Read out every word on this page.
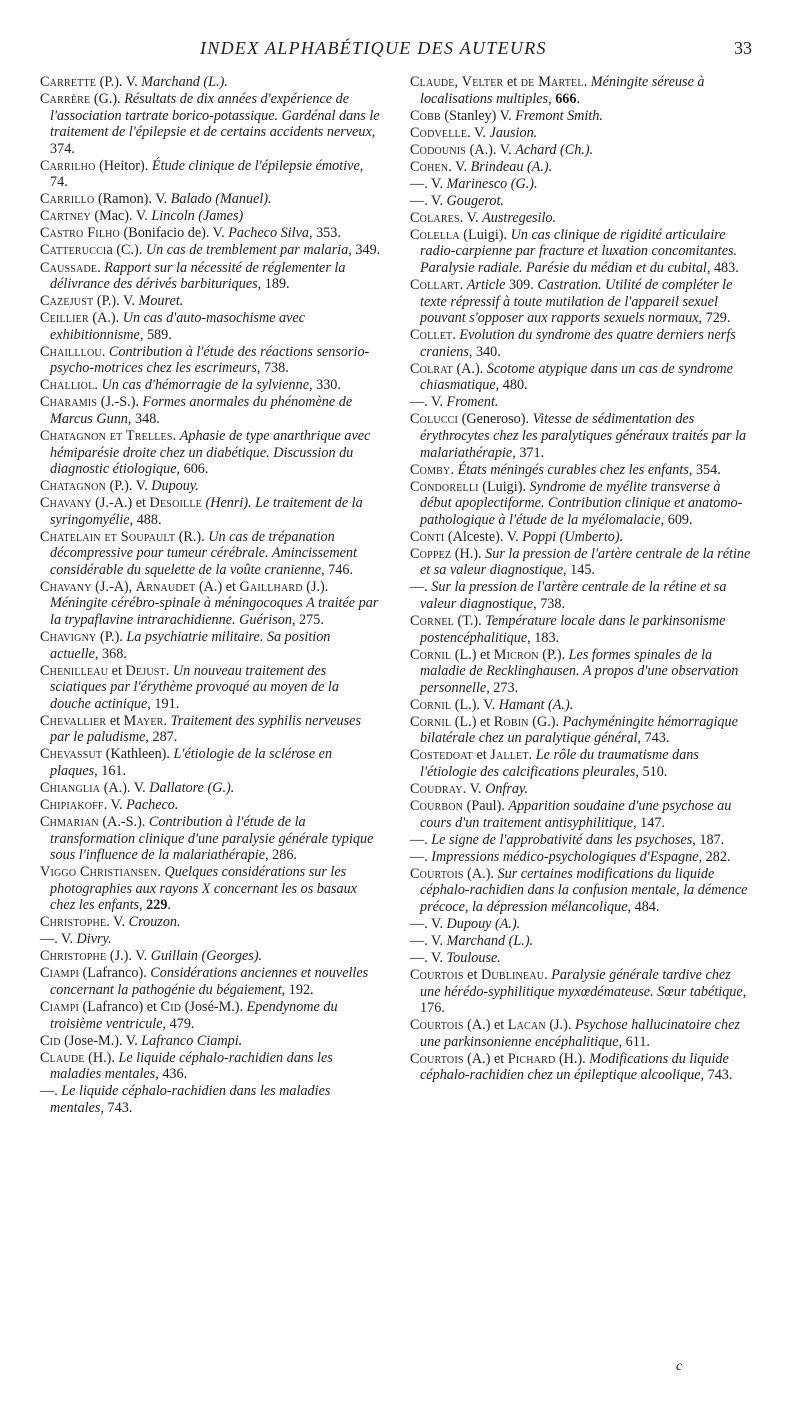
INDEX ALPHABÉTIQUE DES AUTEURS	33

Carrette (P.). V. Marchand (L.).

Carrère (G.). Résultats de dix années d'expérience de l'association tartrate borico-potassique. Gardénal dans le traitement de l'épilepsie et de certains accidents nerveux, 374.

Carrilho (Heitor). Étude clinique de l'épilepsie émotive, 74.

Carrillo (Ramon). V. Balado (Manuel).

Cartney (Mac). V. Lincoln (James)

Castro Filho (Bonifacio de). V. Pacheco Silva, 353.

Catteruccia (C.). Un cas de tremblement par malaria, 349.

Caussade. Rapport sur la nécessité de réglementer la délivrance des dérivés barbituriques, 189.

Cazejust (P.). V. Mouret.

Ceillier (A.). Un cas d'auto-masochisme avec exhibitionnisme, 589.

Chailllou. Contribution à l'étude des réactions sensorio-psycho-motrices chez les escrimeurs, 738.

Challiol. Un cas d'hémorragie de la sylvienne, 330.

Charamis (J.-S.). Formes anormales du phénomène de Marcus Gunn, 348.

Chatagnon et Trelles. Aphasie de type anarthrique avec hémiparésie droite chez un diabétique. Discussion du diagnostic étiologique, 606.

Chatagnon (P.). V. Dupouy.

Chavany (J.-A.) et Desoille (Henri). Le traitement de la syringomyélie, 488.

Chatelain et Soupault (R.). Un cas de trépanation décompressive pour tumeur cérébrale. Amincissement considérable du squelette de la voûte cranienne, 746.

Chavany (J.-A), Arnaudet (A.) et Gaillhard (J.). Méningite cérébro-spinale à méningocoques A traitée par la trypaflavine intrarachidienne. Guérison, 275.

Chavigny (P.). La psychiatrie militaire. Sa position actuelle, 368.

Chenilleau et Dejust. Un nouveau traitement des sciatiques par l'érythème provoqué au moyen de la douche actinique, 191.

Chevallier et Mayer. Traitement des syphilis nerveuses par le paludisme, 287.

Chevassut (Kathleen). L'étiologie de la sclérose en plaques, 161.

Chianglia (A.). V. Dallatore (G.).

Chipiakoff. V. Pacheco.

Chmarian (A.-S.). Contribution à l'étude de la transformation clinique d'une paralysie générale typique sous l'influence de la malariathérapie, 286.

Viggo Christiansen. Quelques considérations sur les photographies aux rayons X concernant les os basaux chez les enfants, 229.

Christophe. V. Crouzon.

—. V. Divry.

Christophe (J.). V. Guillain (Georges).

Ciampi (Lafranco). Considérations anciennes et nouvelles concernant la pathogénie du bégaiement, 192.

Ciampi (Lafranco) et Cid (José-M.). Ependynome du troisième ventricule, 479.

Cid (Jose-M.). V. Lafranco Ciampi.

Claude (H.). Le liquide céphalo-rachidien dans les maladies mentales, 436.

—. Le liquide céphalo-rachidien dans les maladies mentales, 743.

Claude, Velter et de Martel. Méningite séreuse à localisations multiples, 666.

Cobb (Stanley) V. Fremont Smith.

Codvelle. V. Jausion.

Codounis (A.). V. Achard (Ch.).

Cohen. V. Brindeau (A.).

—. V. Marinesco (G.).

—. V. Gougerot.

Colares. V. Austregesilo.

Colella (Luigi). Un cas clinique de rigidité articulaire radio-carpienne par fracture et luxation concomitantes. Paralysie radiale. Parésie du médian et du cubital, 483.

Collart. Article 309. Castration. Utilité de compléter le texte répressif à toute mutilation de l'appareil sexuel pouvant s'opposer aux rapports sexuels normaux, 729.

Collet. Evolution du syndrome des quatre derniers nerfs craniens, 340.

Colrat (A.). Scotome atypique dans un cas de syndrome chiasmatique, 480.

—. V. Froment.

Colucci (Generoso). Vitesse de sédimentation des érythrocytes chez les paralytiques généraux traités par la malariathérapie, 371.

Comby. États méningés curables chez les enfants, 354.

Condorelli (Luigi). Syndrome de myélite transverse à début apoplectiforme. Contribution clinique et anatomo-pathologique à l'étude de la myélomalacie, 609.

Conti (Alceste). V. Poppi (Umberto).

Coppez (H.). Sur la pression de l'artère centrale de la rétine et sa valeur diagnostique, 145.

—. Sur la pression de l'artère centrale de la rétine et sa valeur diagnostique, 738.

Cornel (T.). Température locale dans le parkinsonisme postencéphalitique, 183.

Cornil (L.) et Micron (P.). Les formes spinales de la maladie de Recklinghausen. A propos d'une observation personnelle, 273.

Cornil (L.). V. Hamant (A.).

Cornil (L.) et Robin (G.). Pachyméningite hémorragique bilatérale chez un paralytique général, 743.

Costedoat et Jallet. Le rôle du traumatisme dans l'étiologie des calcifications pleurales, 510.

Coudray. V. Onfray.

Courbon (Paul). Apparition soudaine d'une psychose au cours d'un traitement antisyphilitique, 147.

—. Le signe de l'approbativité dans les psychoses, 187.

—. Impressions médico-psychologiques d'Espagne, 282.

Courtois (A.). Sur certaines modifications du liquide céphalo-rachidien dans la confusion mentale, la démence précoce, la dépression mélancolique, 484.

—. V. Dupouy (A.).

—. V. Marchand (L.).

—. V. Toulouse.

Courtois et Dublineau. Paralysie générale tardive chez une hérédo-syphilitique myxœdémateuse. Sœur tabétique, 176.

Courtois (A.) et Lacan (J.). Psychose hallucinatoire chez une parkinsonienne encéphalitique, 611.

Courtois (A.) et Pichard (H.). Modifications du liquide céphalo-rachidien chez un épileptique alcoolique, 743.

c
